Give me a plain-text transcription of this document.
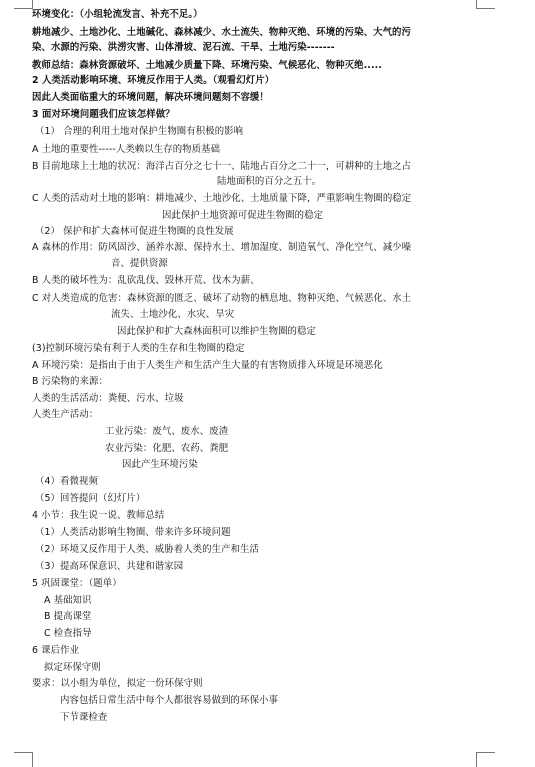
环境变化：（小组轮流发言、补充不足。）
耕地减少、土地沙化、土地碱化、森林减少、水土流失、物种灭绝、环境的污染、大气的污
染、水源的污染、洪涝灾害、山体滑坡、泥石流、干旱、土地污染-------
教师总结：森林资源破坏、土地减少质量下降、环境污染、气候恶化、物种灭绝.....
2 人类活动影响环境、环境反作用于人类。（观看幻灯片）
因此人类面临重大的环境问题，解决环境问题刻不容缓！
3 面对环境问题我们应该怎样做？
（1） 合理的利用土地对保护生物圈有积极的影响
A 土地的重要性-----人类赖以生存的物质基础
B 目前地球上土地的状况：海洋占百分之七十一、陆地占百分之二十一，可耕种的土地之占
陆地面积的百分之五十。
C 人类的活动对土地的影响：耕地减少、土地沙化、土地质量下降，严重影响生物圈的稳定
因此保护土地资源可促进生物圈的稳定
（2） 保护和扩大森林可促进生物圈的良性发展
A 森林的作用：防风固沙、涵养水源、保持水土、增加湿度、制造氧气、净化空气、减少噪
音、提供资源
B 人类的破坏性为：乱砍乱伐、毁林开荒、伐木为薪、
C 对人类造成的危害：森林资源的匮乏、破坏了动物的栖息地、物种灭绝、气候恶化、水土
流失、土地沙化、水灾、旱灾
因此保护和扩大森林面积可以维护生物圈的稳定
(3)控制环境污染有利于人类的生存和生物圈的稳定
A 环境污染：是指由于由于人类生产和生活产生大量的有害物质排入环境是环境恶化
B 污染物的来源：
人类的生活活动：粪便、污水、垃圾
人类生产活动：
工业污染：废气、废水、废渣
农业污染：化肥、农药、粪肥
因此产生环境污染
（4）看微视频
（5）回答提问（幻灯片）
4 小节：我生说一说、教师总结
（1）人类活动影响生物圈、带来许多环境问题
（2）环境又反作用于人类、威胁着人类的生产和生活
（3）提高环保意识、共建和谐家园
5 巩固课堂：（题单）
A 基础知识
B 提高课堂
C 检查指导
6 课后作业
拟定环保守则
要求：以小组为单位，拟定一份环保守则
内容包括日常生活中每个人都很容易做到的环保小事
下节课检查
